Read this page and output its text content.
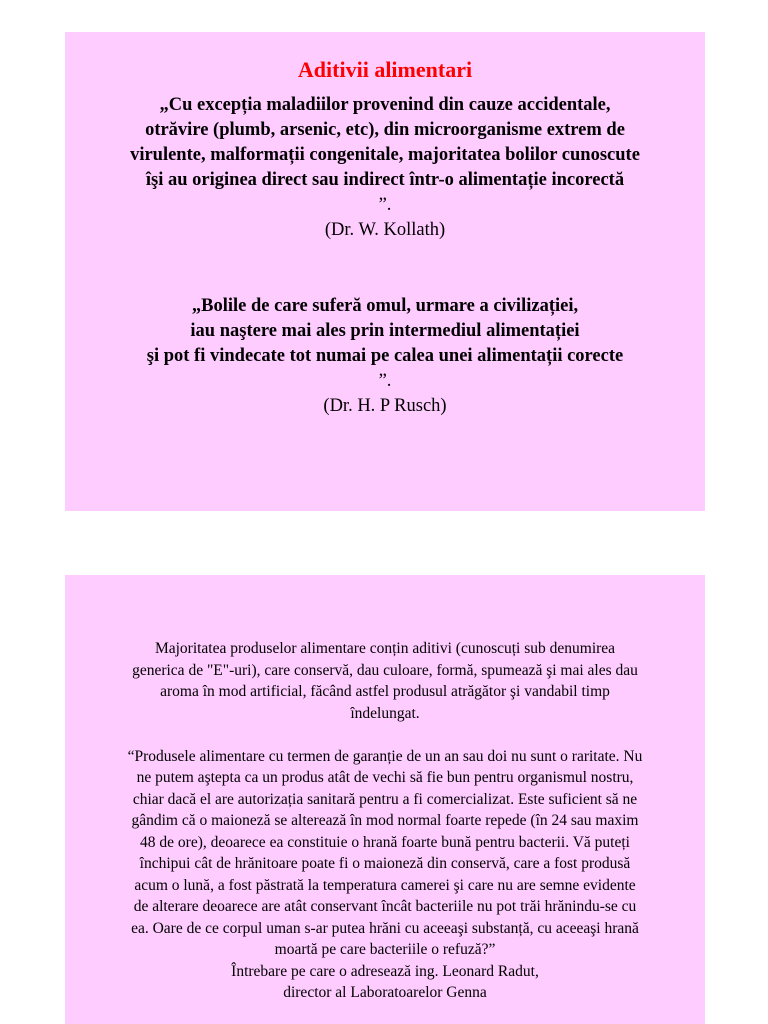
Aditivii alimentari

„Cu excepția maladiilor provenind din cauze accidentale,
otrăvire (plumb, arsenic, etc), din microorganisme extrem de
virulente, malformații congenitale, majoritatea bolilor cunoscute
îşi au originea direct sau indirect într-o alimentație incorectă
”.
(Dr. W. Kollath)

„Bolile de care suferă omul, urmare a civilizației,
iau naştere mai ales prin intermediul alimentației
şi pot fi vindecate tot numai pe calea unei alimentații corecte
”.
(Dr. H. P Rusch)

Majoritatea produselor alimentare conțin aditivi (cunoscuți sub denumirea
generica de "E"-uri), care conservă, dau culoare, formă, spumează şi mai ales dau
aroma în mod artificial, făcând astfel produsul atrăgător şi vandabil timp
îndelungat.

“Produsele alimentare cu termen de garanție de un an sau doi nu sunt o raritate. Nu
ne putem aştepta ca un produs atât de vechi să fie bun pentru organismul nostru,
chiar dacă el are autorizația sanitară pentru a fi comercializat. Este suficient să ne
gândim că o maioneză se alterează în mod normal foarte repede (în 24 sau maxim
48 de ore), deoarece ea constituie o hrană foarte bună pentru bacterii. Vă puteți
închipui cât de hrănitoare poate fi o maioneză din conservă, care a fost produsă
acum o lună, a fost păstrată la temperatura camerei şi care nu are semne evidente
de alterare deoarece are atât conservant încât bacteriile nu pot trăi hrănindu-se cu
ea. Oare de ce corpul uman s-ar putea hrăni cu aceeaşi substanță, cu aceeaşi hrană
moartă pe care bacteriile o refuză?”
Întrebare pe care o adresează ing. Leonard Radut,
director al Laboratoarelor Genna
